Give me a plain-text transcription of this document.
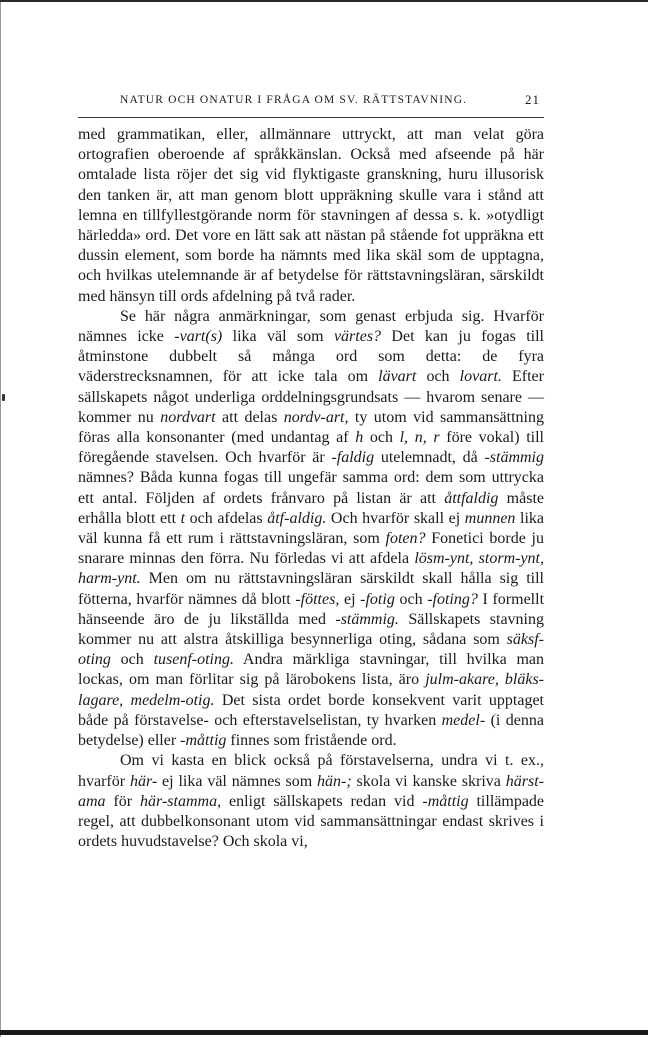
NATUR OCH ONATUR I FRÅGA OM SV. RÄTTSTAVNING.	21

med grammatikan, eller, allmännare uttryckt, att man velat göra ortografien oberoende af språkkänslan. Också med afseende på här omtalade lista röjer det sig vid flyktigaste granskning, huru illusorisk den tanken är, att man genom blott uppräkning skulle vara i stånd att lemna en tillfyllestgörande norm för stavningen af dessa s. k. »otydligt härledda» ord. Det vore en lätt sak att nästan på stående fot uppräkna ett dussin element, som borde ha nämnts med lika skäl som de upptagna, och hvilkas utelemnande är af betydelse för rättstavningsläran, särskildt med hänsyn till ords afdelning på två rader.

Se här några anmärkningar, som genast erbjuda sig. Hvarför nämnes icke -vart(s) lika väl som värtes? Det kan ju fogas till åtminstone dubbelt så många ord som detta: de fyra väderstrecksnamnen, för att icke tala om lävart och lovart. Efter sällskapets något underliga orddelningsgrundsats — hvarom senare — kommer nu nordvart att delas nordv-art, ty utom vid sammansättning föras alla konsonanter (med undantag af h och l, n, r före vokal) till föregående stavelsen. Och hvarför är -faldig utelemnadt, då -stämmig nämnes? Båda kunna fogas till ungefär samma ord: dem som uttrycka ett antal. Följden af ordets frånvaro på listan är att åttfaldig måste erhålla blott ett t och afdelas åtf-aldig. Och hvarför skall ej munnen lika väl kunna få ett rum i rättstavningsläran, som foten? Fonetici borde ju snarare minnas den förra. Nu förledas vi att afdela lösm-ynt, storm-ynt, harm-ynt. Men om nu rättstavningsläran särskildt skall hålla sig till fötterna, hvarför nämnes då blott -föttes, ej -fotig och -foting? I formellt hänseende äro de ju likställda med -stämmig. Sällskapets stavning kommer nu att alstra åtskilliga besynnerliga oting, sådana som säksf-oting och tusenf-oting. Andra märkliga stavningar, till hvilka man lockas, om man förlitar sig på lärobokens lista, äro julm-akare, bläks-lagare, medelm-otig. Det sista ordet borde konsekvent varit upptaget både på förstavelse- och efterstavelselistan, ty hvarken medel- (i denna betydelse) eller -måttig finnes som fristående ord.

Om vi kasta en blick också på förstavelserna, undra vi t. ex., hvarför här- ej lika väl nämnes som hän-; skola vi kanske skriva härst-ama för här-stamma, enligt sällskapets redan vid -måttig tillämpade regel, att dubbelkonsonant utom vid sammansättningar endast skrives i ordets huvudstavelse? Och skola vi,
